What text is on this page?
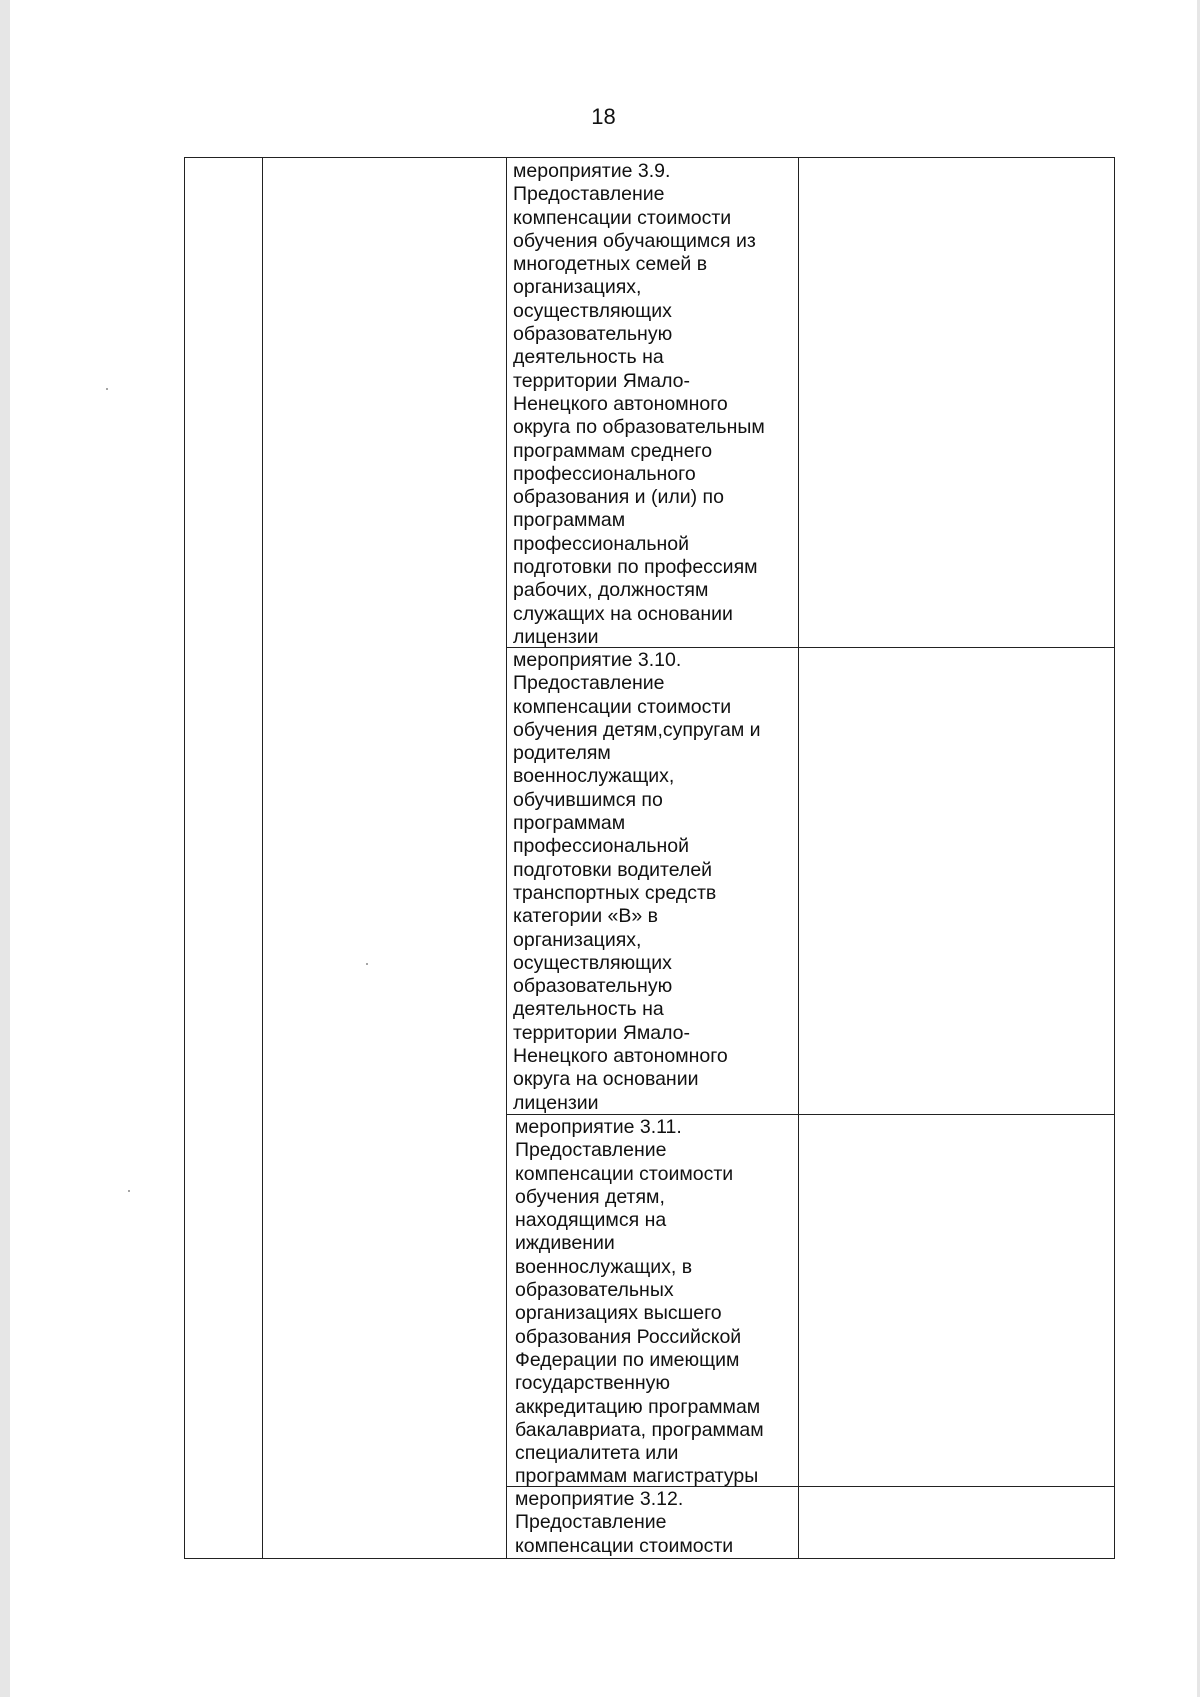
18
мероприятие 3.9.
Предоставление
компенсации стоимости
обучения обучающимся из
многодетных семей в
организациях,
осуществляющих
образовательную
деятельность на
территории Ямало-
Ненецкого автономного
округа по образовательным
программам среднего
профессионального
образования и (или) по
программам
профессиональной
подготовки по профессиям
рабочих, должностям
служащих на основании
лицензии
мероприятие 3.10.
Предоставление
компенсации стоимости
обучения детям,супругам и
родителям
военнослужащих,
обучившимся по
программам
профессиональной
подготовки водителей
транспортных средств
категории «В» в
организациях,
осуществляющих
образовательную
деятельность на
территории Ямало-
Ненецкого автономного
округа на основании
лицензии
мероприятие 3.11.
Предоставление
компенсации стоимости
обучения детям,
находящимся на
иждивении
военнослужащих, в
образовательных
организациях высшего
образования Российской
Федерации по имеющим
государственную
аккредитацию программам
бакалавриата, программам
специалитета или
программам магистратуры
мероприятие 3.12.
Предоставление
компенсации стоимости
